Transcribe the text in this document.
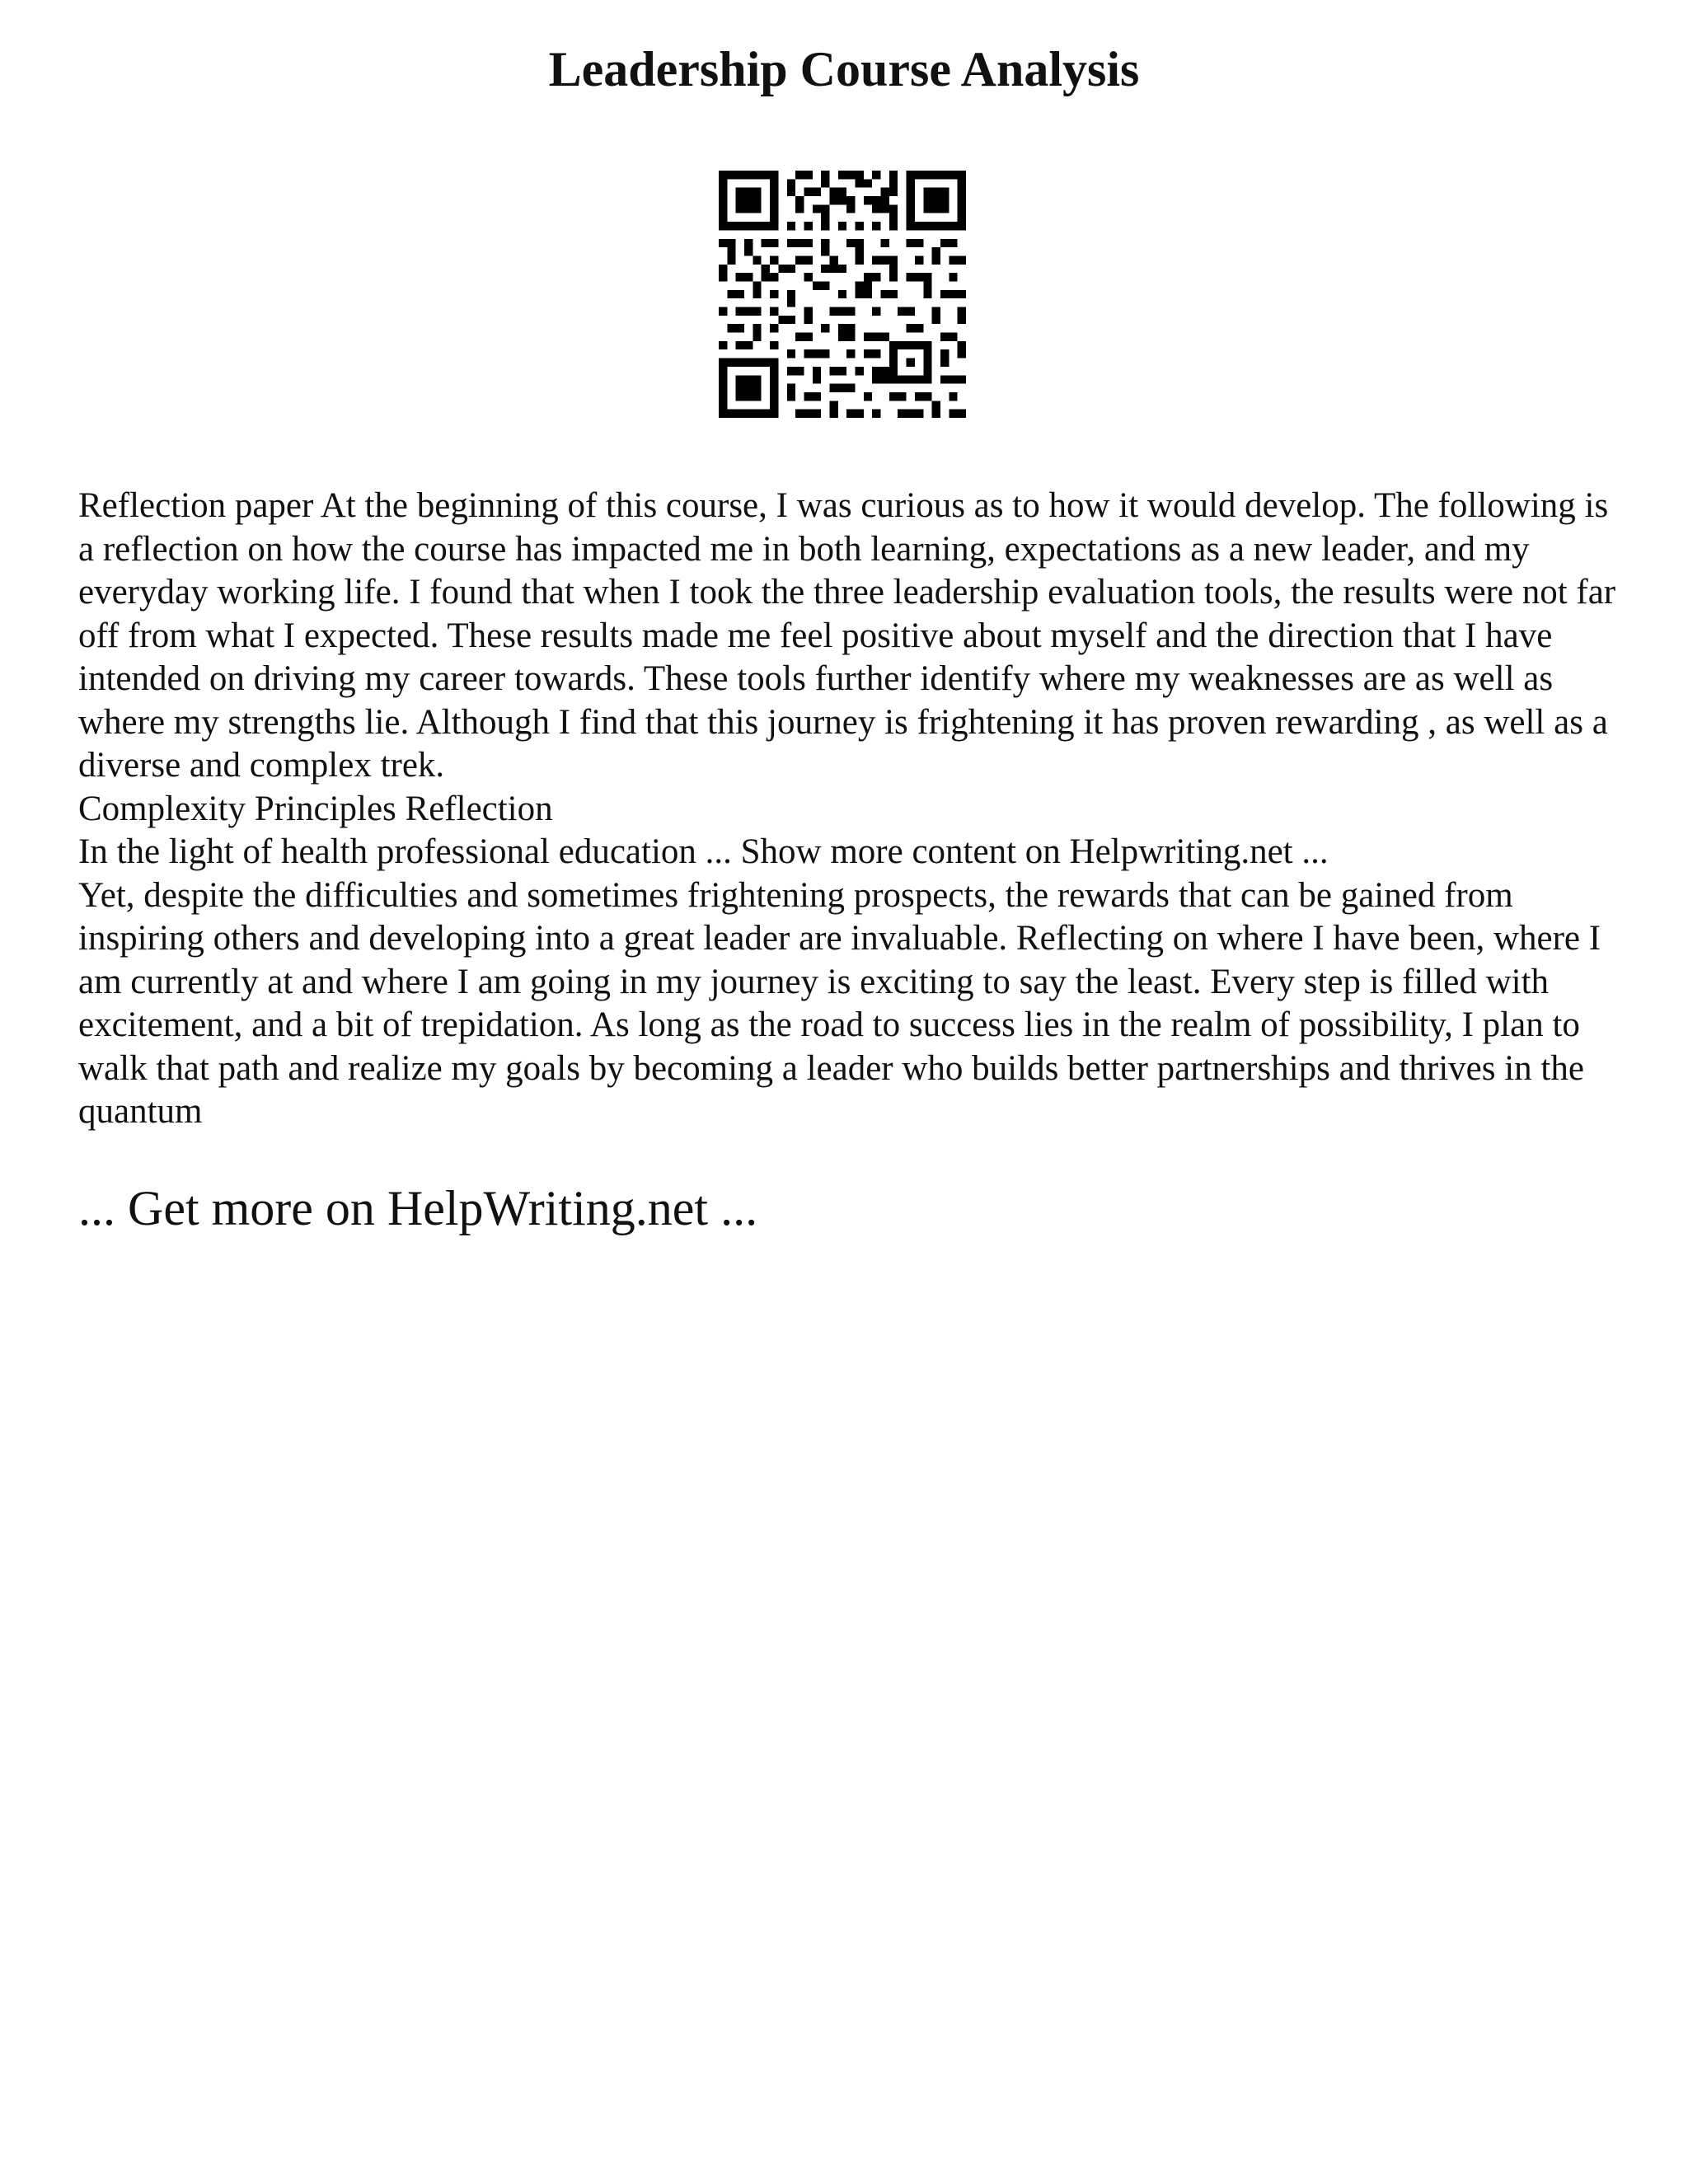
Leadership Course Analysis

Reflection paper At the beginning of this course, I was curious as to how it would develop. The following is a reflection on how the course has impacted me in both learning, expectations as a new leader, and my everyday working life. I found that when I took the three leadership evaluation tools, the results were not far off from what I expected. These results made me feel positive about myself and the direction that I have intended on driving my career towards. These tools further identify where my weaknesses are as well as where my strengths lie. Although I find that this journey is frightening it has proven rewarding , as well as a diverse and complex trek.

Complexity Principles Reflection

In the light of health professional education ... Show more content on Helpwriting.net ...

Yet, despite the difficulties and sometimes frightening prospects, the rewards that can be gained from inspiring others and developing into a great leader are invaluable. Reflecting on where I have been, where I am currently at and where I am going in my journey is exciting to say the least. Every step is filled with excitement, and a bit of trepidation. As long as the road to success lies in the realm of possibility, I plan to walk that path and realize my goals by becoming a leader who builds better partnerships and thrives in the quantum

... Get more on HelpWriting.net ...
